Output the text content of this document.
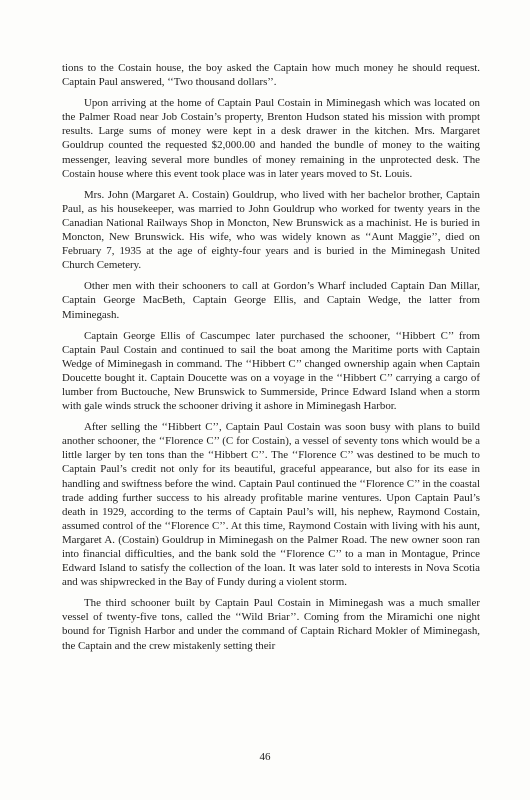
tions to the Costain house, the boy asked the Captain how much money he should request. Captain Paul answered, ‘‘Two thousand dollars’’.

Upon arriving at the home of Captain Paul Costain in Miminegash which was located on the Palmer Road near Job Costain’s property, Brenton Hudson stated his mission with prompt results. Large sums of money were kept in a desk drawer in the kitchen. Mrs. Margaret Gouldrup counted the requested $2,000.00 and handed the bundle of money to the waiting messenger, leaving several more bundles of money remaining in the unprotected desk. The Costain house where this event took place was in later years moved to St. Louis.

Mrs. John (Margaret A. Costain) Gouldrup, who lived with her bachelor brother, Captain Paul, as his housekeeper, was married to John Gouldrup who worked for twenty years in the Canadian National Railways Shop in Moncton, New Brunswick as a machinist. He is buried in Moncton, New Brunswick. His wife, who was widely known as ‘‘Aunt Maggie’’, died on February 7, 1935 at the age of eighty-four years and is buried in the Miminegash United Church Cemetery.

Other men with their schooners to call at Gordon’s Wharf included Captain Dan Millar, Captain George MacBeth, Captain George Ellis, and Captain Wedge, the latter from Miminegash.

Captain George Ellis of Cascumpec later purchased the schooner, ‘‘Hibbert C’’ from Captain Paul Costain and continued to sail the boat among the Maritime ports with Captain Wedge of Miminegash in command. The ‘‘Hibbert C’’ changed ownership again when Captain Doucette bought it. Captain Doucette was on a voyage in the ‘‘Hibbert C’’ carrying a cargo of lumber from Buctouche, New Brunswick to Summerside, Prince Edward Island when a storm with gale winds struck the schooner driving it ashore in Miminegash Harbor.

After selling the ‘‘Hibbert C’’, Captain Paul Costain was soon busy with plans to build another schooner, the ‘‘Florence C’’ (C for Costain), a vessel of seventy tons which would be a little larger by ten tons than the ‘‘Hibbert C’’. The ‘‘Florence C’’ was destined to be much to Captain Paul’s credit not only for its beautiful, graceful appearance, but also for its ease in handling and swiftness before the wind. Captain Paul continued the ‘‘Florence C’’ in the coastal trade adding further success to his already profitable marine ventures. Upon Captain Paul’s death in 1929, according to the terms of Captain Paul’s will, his nephew, Raymond Costain, assumed control of the ‘‘Florence C’’. At this time, Raymond Costain with living with his aunt, Margaret A. (Costain) Gouldrup in Miminegash on the Palmer Road. The new owner soon ran into financial difficulties, and the bank sold the ‘‘Florence C’’ to a man in Montague, Prince Edward Island to satisfy the collection of the loan. It was later sold to interests in Nova Scotia and was shipwrecked in the Bay of Fundy during a violent storm.

The third schooner built by Captain Paul Costain in Miminegash was a much smaller vessel of twenty-five tons, called the ‘‘Wild Briar’’. Coming from the Miramichi one night bound for Tignish Harbor and under the command of Captain Richard Mokler of Miminegash, the Captain and the crew mistakenly setting their

46
